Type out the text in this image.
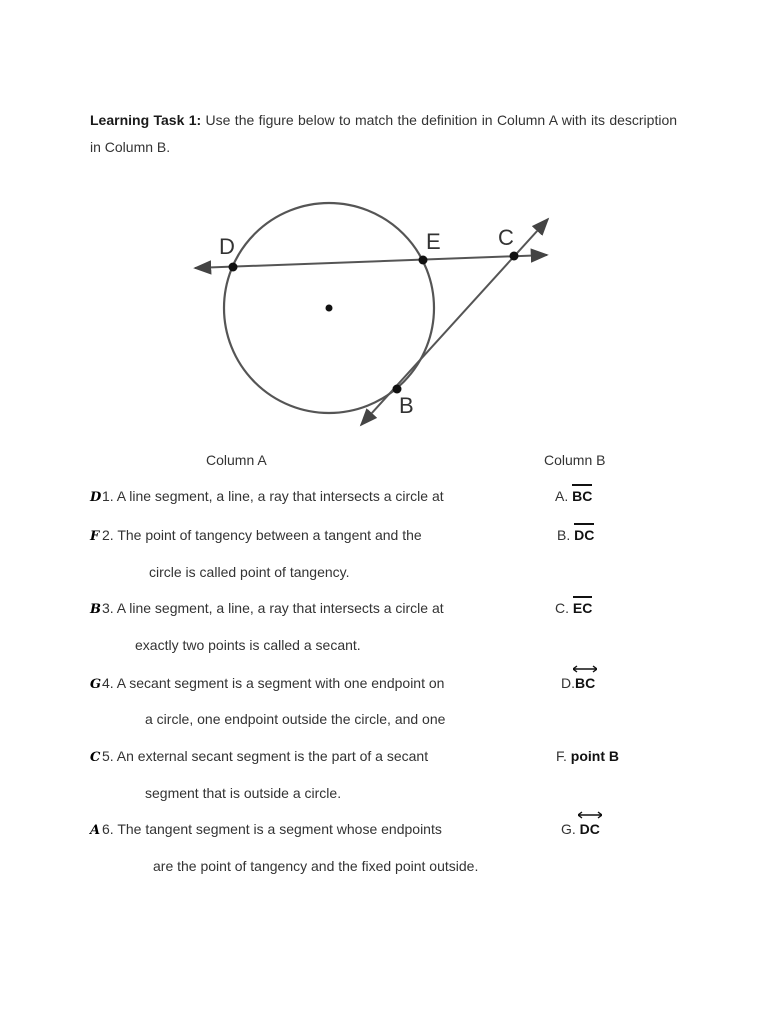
Learning Task 1: Use the figure below to match the definition in Column A with its description in Column B.

D	E	C
B
Column A	Column B
D1. A line segment, a line, a ray that intersects a circle at
F 2. The point of tangency between a tangent and the
circle is called point of tangency.
B3. A line segment, a line, a ray that intersects a circle at
exactly two points is called a secant.
G4. A secant segment is a segment with one endpoint on
a circle, one endpoint outside the circle, and one
C 5. An external secant segment is the part of a secant
segment that is outside a circle.
A 6. The tangent segment is a segment whose endpoints
are the point of tangency and the fixed point outside.
A. BC
B. DC
C. EC
D.
BC
F. point B
G. DC
